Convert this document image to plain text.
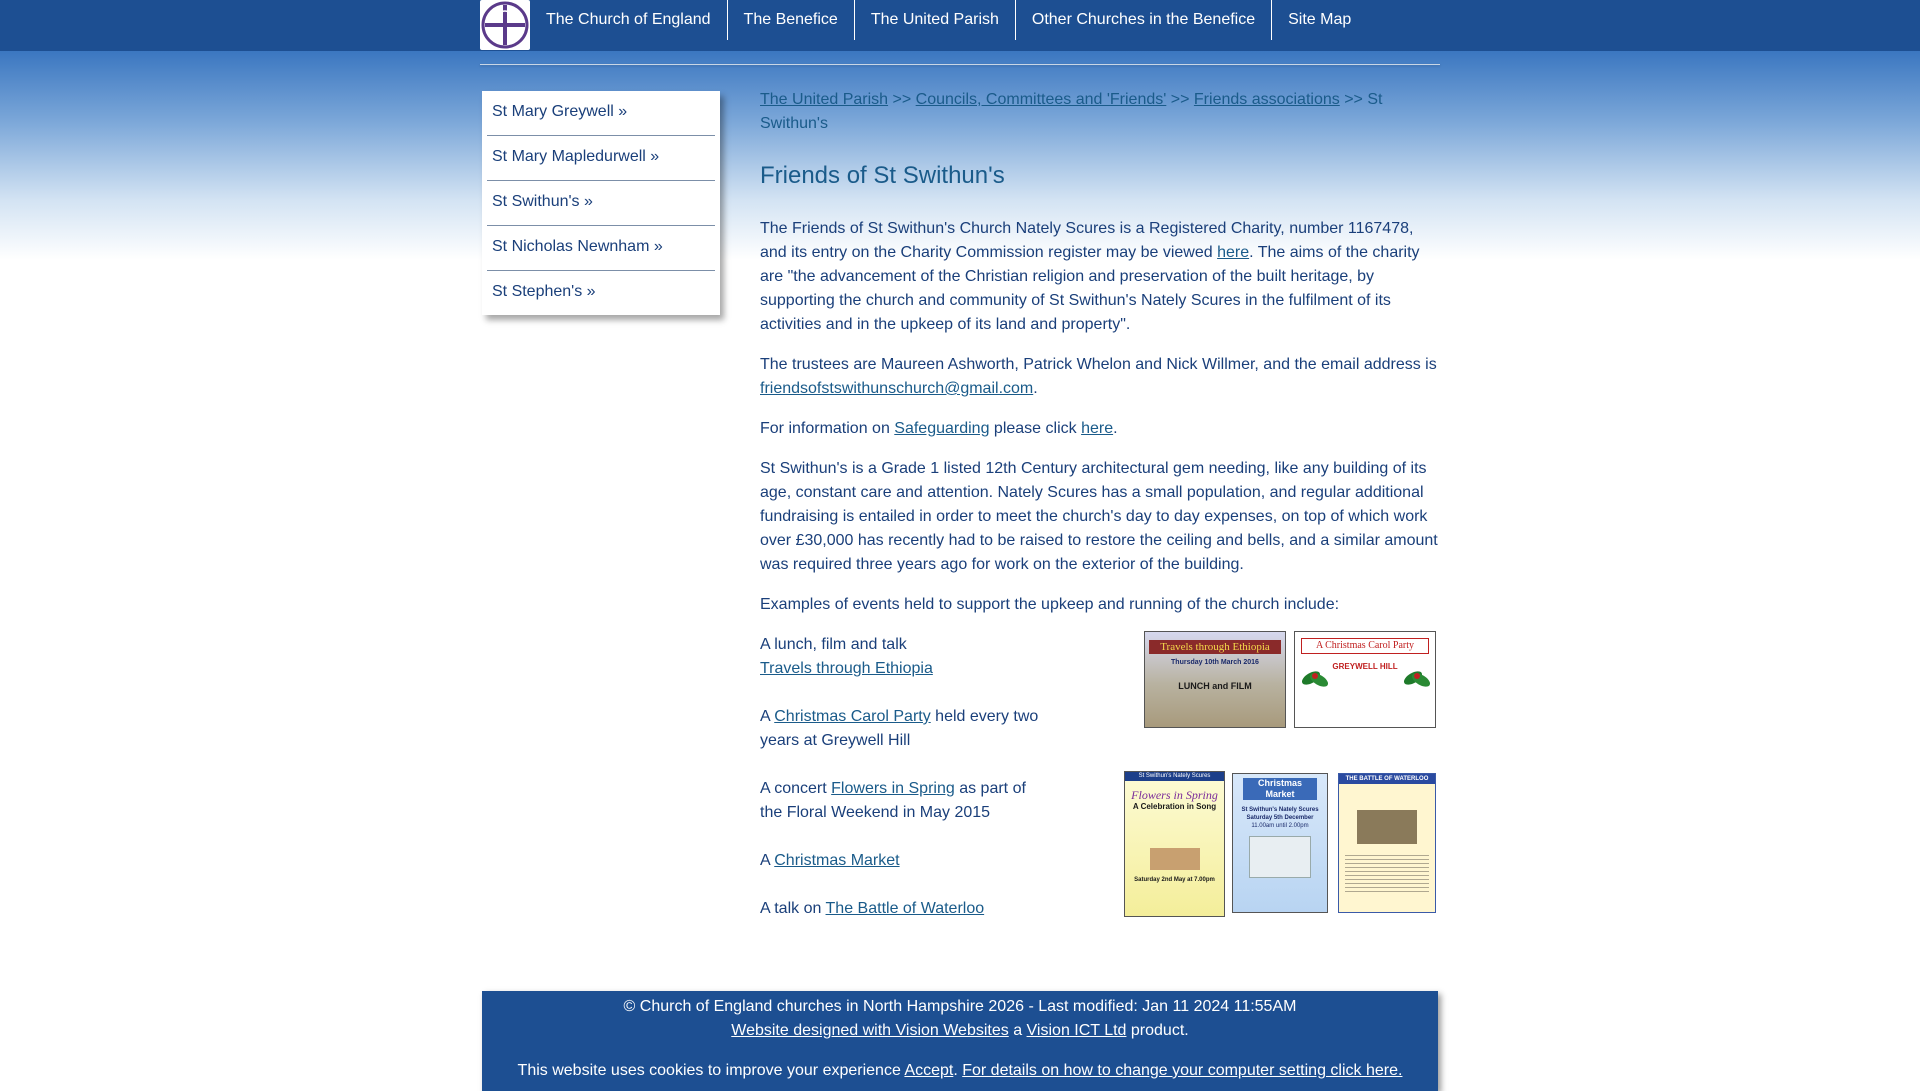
The Church of England	The Benefice	The United Parish	Other Churches in the Benefice	Site Map
St Mary Greywell »
St Mary Mapledurwell »
St Swithun's »
St Nicholas Newnham »
St Stephen's »
The United Parish >> Councils, Committees and 'Friends' >> Friends associations >> St Swithun's
Friends of St Swithun's

The Friends of St Swithun's Church Nately Scures is a Registered Charity, number 1167478, and its entry on the Charity Commission register may be viewed here. The aims of the charity are "the advancement of the Christian religion and preservation of the built heritage, by supporting the church and community of St Swithun's Nately Scures in the fulfilment of its activities and in the upkeep of its land and property".

The trustees are Maureen Ashworth, Patrick Whelon and Nick Willmer, and the email address is friendsofstswithunschurch@gmail.com.

For information on Safeguarding please click here.

St Swithun's is a Grade 1 listed 12th Century architectural gem needing, like any building of its age, constant care and attention. Nately Scures has a small population, and regular additional fundraising is entailed in order to meet the church's day to day expenses, on top of which work over £30,000 has recently had to be raised to restore the ceiling and bells, and a similar amount was required three years ago for work on the exterior of the building.

Examples of events held to support the upkeep and running of the church include:

A lunch, film and talk
Travels through Ethiopia
A Christmas Carol Party held every two years at Greywell Hill
A concert Flowers in Spring as part of the Floral Weekend in May 2015
A Christmas Market
A talk on The Battle of Waterloo
Travels through Ethiopia
Thursday 10th March 2016
LUNCH and FILM
A Christmas Carol Party
GREYWELL HILL
St Swithun's Nately Scures
Flowers in Spring
A Celebration in Song
Saturday 2nd May at 7.00pm
Christmas Market
St Swithun's Nately Scures
Saturday 5th December
11.00am until 2.00pm
THE BATTLE OF WATERLOO
© Church of England churches in North Hampshire 2026 - Last modified: Jan 11 2024 11:55AM
Website designed with Vision Websites a Vision ICT Ltd product.
This website uses cookies to improve your experience Accept. For details on how to change your computer setting click here.
